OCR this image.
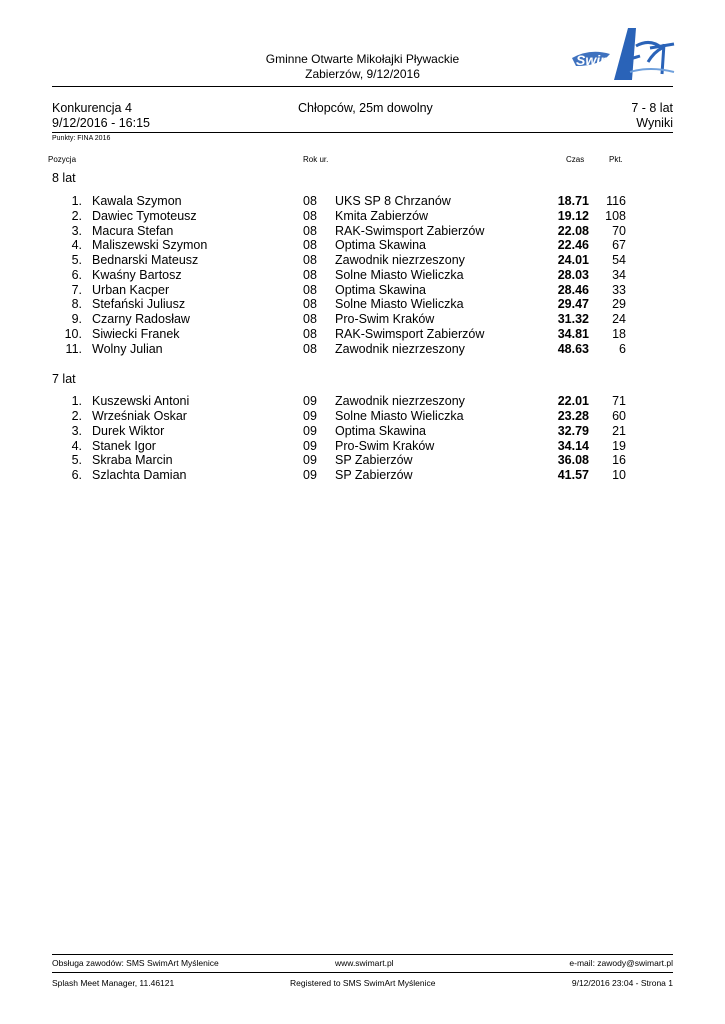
Gminne Otwarte Mikołajki Pływackie
Zabierzów, 9/12/2016
Swim
Konkurencja 4	Chłopców, 25m dowolny	7 - 8 lat
9/12/2016 - 16:15	Wyniki
Punkty: FINA 2016
Pozycja	Rok ur.	Czas	Pkt.
8 lat
1. Kawala Szymon	08 UKS SP 8 Chrzanów	18.71	116
2. Dawiec Tymoteusz	08 Kmita Zabierzów	19.12	108
3. Macura Stefan	08 RAK-Swimsport Zabierzów	22.08	70
4. Maliszewski Szymon	08 Optima Skawina	22.46	67
5. Bednarski Mateusz	08 Zawodnik niezrzeszony	24.01	54
6. Kwaśny Bartosz	08 Solne Miasto Wieliczka	28.03	34
7. Urban Kacper	08 Optima Skawina	28.46	33
8. Stefański Juliusz	08 Solne Miasto Wieliczka	29.47	29
9. Czarny Radosław	08 Pro-Swim Kraków	31.32	24
10. Siwiecki Franek	08 RAK-Swimsport Zabierzów	34.81	18
11. Wolny Julian	08 Zawodnik niezrzeszony	48.63	6
7 lat
1. Kuszewski Antoni	09 Zawodnik niezrzeszony	22.01	71
2. Wrześniak Oskar	09 Solne Miasto Wieliczka	23.28	60
3. Durek Wiktor	09 Optima Skawina	32.79	21
4. Stanek Igor	09 Pro-Swim Kraków	34.14	19
5. Skraba Marcin	09 SP Zabierzów	36.08	16
6. Szlachta Damian	09 SP Zabierzów	41.57	10
Obsługa zawodów: SMS SwimArt Myślenice	www.swimart.pl	e-mail: zawody@swimart.pl
Splash Meet Manager, 11.46121	Registered to SMS SwimArt Myślenice	9/12/2016 23:04 - Strona 1
